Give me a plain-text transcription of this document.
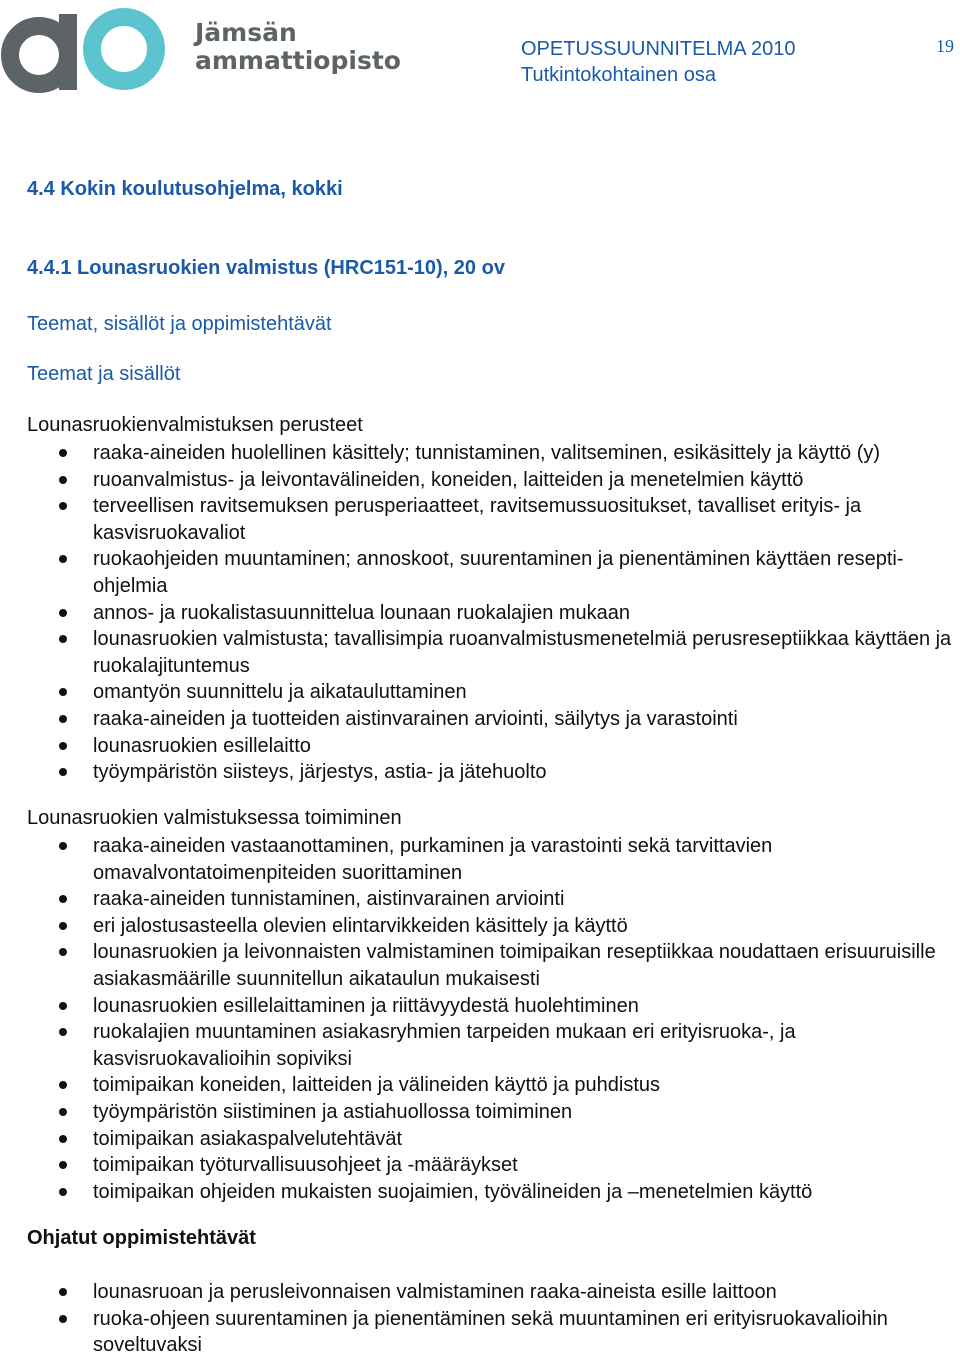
Jämsän
ammattiopisto	OPETUSSUUNNITELMA 2010
Tutkintokohtainen osa
19
4.4 Kokin koulutusohjelma, kokki
4.4.1 Lounasruokien valmistus (HRC151-10), 20 ov
Teemat, sisällöt ja oppimistehtävät
Teemat ja sisällöt
Lounasruokienvalmistuksen perusteet
raaka-aineiden huolellinen käsittely; tunnistaminen, valitseminen, esikäsittely ja käyttö (y)
ruoanvalmistus- ja leivontavälineiden, koneiden, laitteiden ja menetelmien käyttö
terveellisen ravitsemuksen perusperiaatteet, ravitsemussuositukset, tavalliset erityis- ja kasvisruokavaliot
ruokaohjeiden muuntaminen; annoskoot, suurentaminen ja pienentäminen käyttäen resepti-ohjelmia
annos- ja ruokalistasuunnittelua lounaan ruokalajien mukaan
lounasruokien valmistusta; tavallisimpia ruoanvalmistusmenetelmiä perusreseptiikkaa käyttäen ja ruokalajituntemus
omantyön suunnittelu ja aikatauluttaminen
raaka-aineiden ja tuotteiden aistinvarainen arviointi, säilytys ja varastointi
lounasruokien esillelaitto
työympäristön siisteys, järjestys, astia- ja jätehuolto
Lounasruokien valmistuksessa toimiminen
raaka-aineiden vastaanottaminen, purkaminen ja varastointi sekä tarvittavien omavalvontatoimenpiteiden suorittaminen
raaka-aineiden tunnistaminen, aistinvarainen arviointi
eri jalostusasteella olevien elintarvikkeiden käsittely ja käyttö
lounasruokien ja leivonnaisten valmistaminen toimipaikan reseptiikkaa noudattaen erisuuruisille asiakasmäärille suunnitellun aikataulun mukaisesti
lounasruokien esillelaittaminen ja riittävyydestä huolehtiminen
ruokalajien muuntaminen asiakasryhmien tarpeiden mukaan eri erityisruoka-, ja kasvisruokavalioihin sopiviksi
toimipaikan koneiden, laitteiden ja välineiden käyttö ja puhdistus
työympäristön siistiminen ja astiahuollossa toimiminen
toimipaikan asiakaspalvelutehtävät
toimipaikan työturvallisuusohjeet ja -määräykset
toimipaikan ohjeiden mukaisten suojaimien, työvälineiden ja –menetelmien käyttö
Ohjatut oppimistehtävät
lounasruoan ja perusleivonnaisen valmistaminen raaka-aineista esille laittoon
ruoka-ohjeen suurentaminen ja pienentäminen sekä muuntaminen eri erityisruokavalioihin soveltuvaksi
